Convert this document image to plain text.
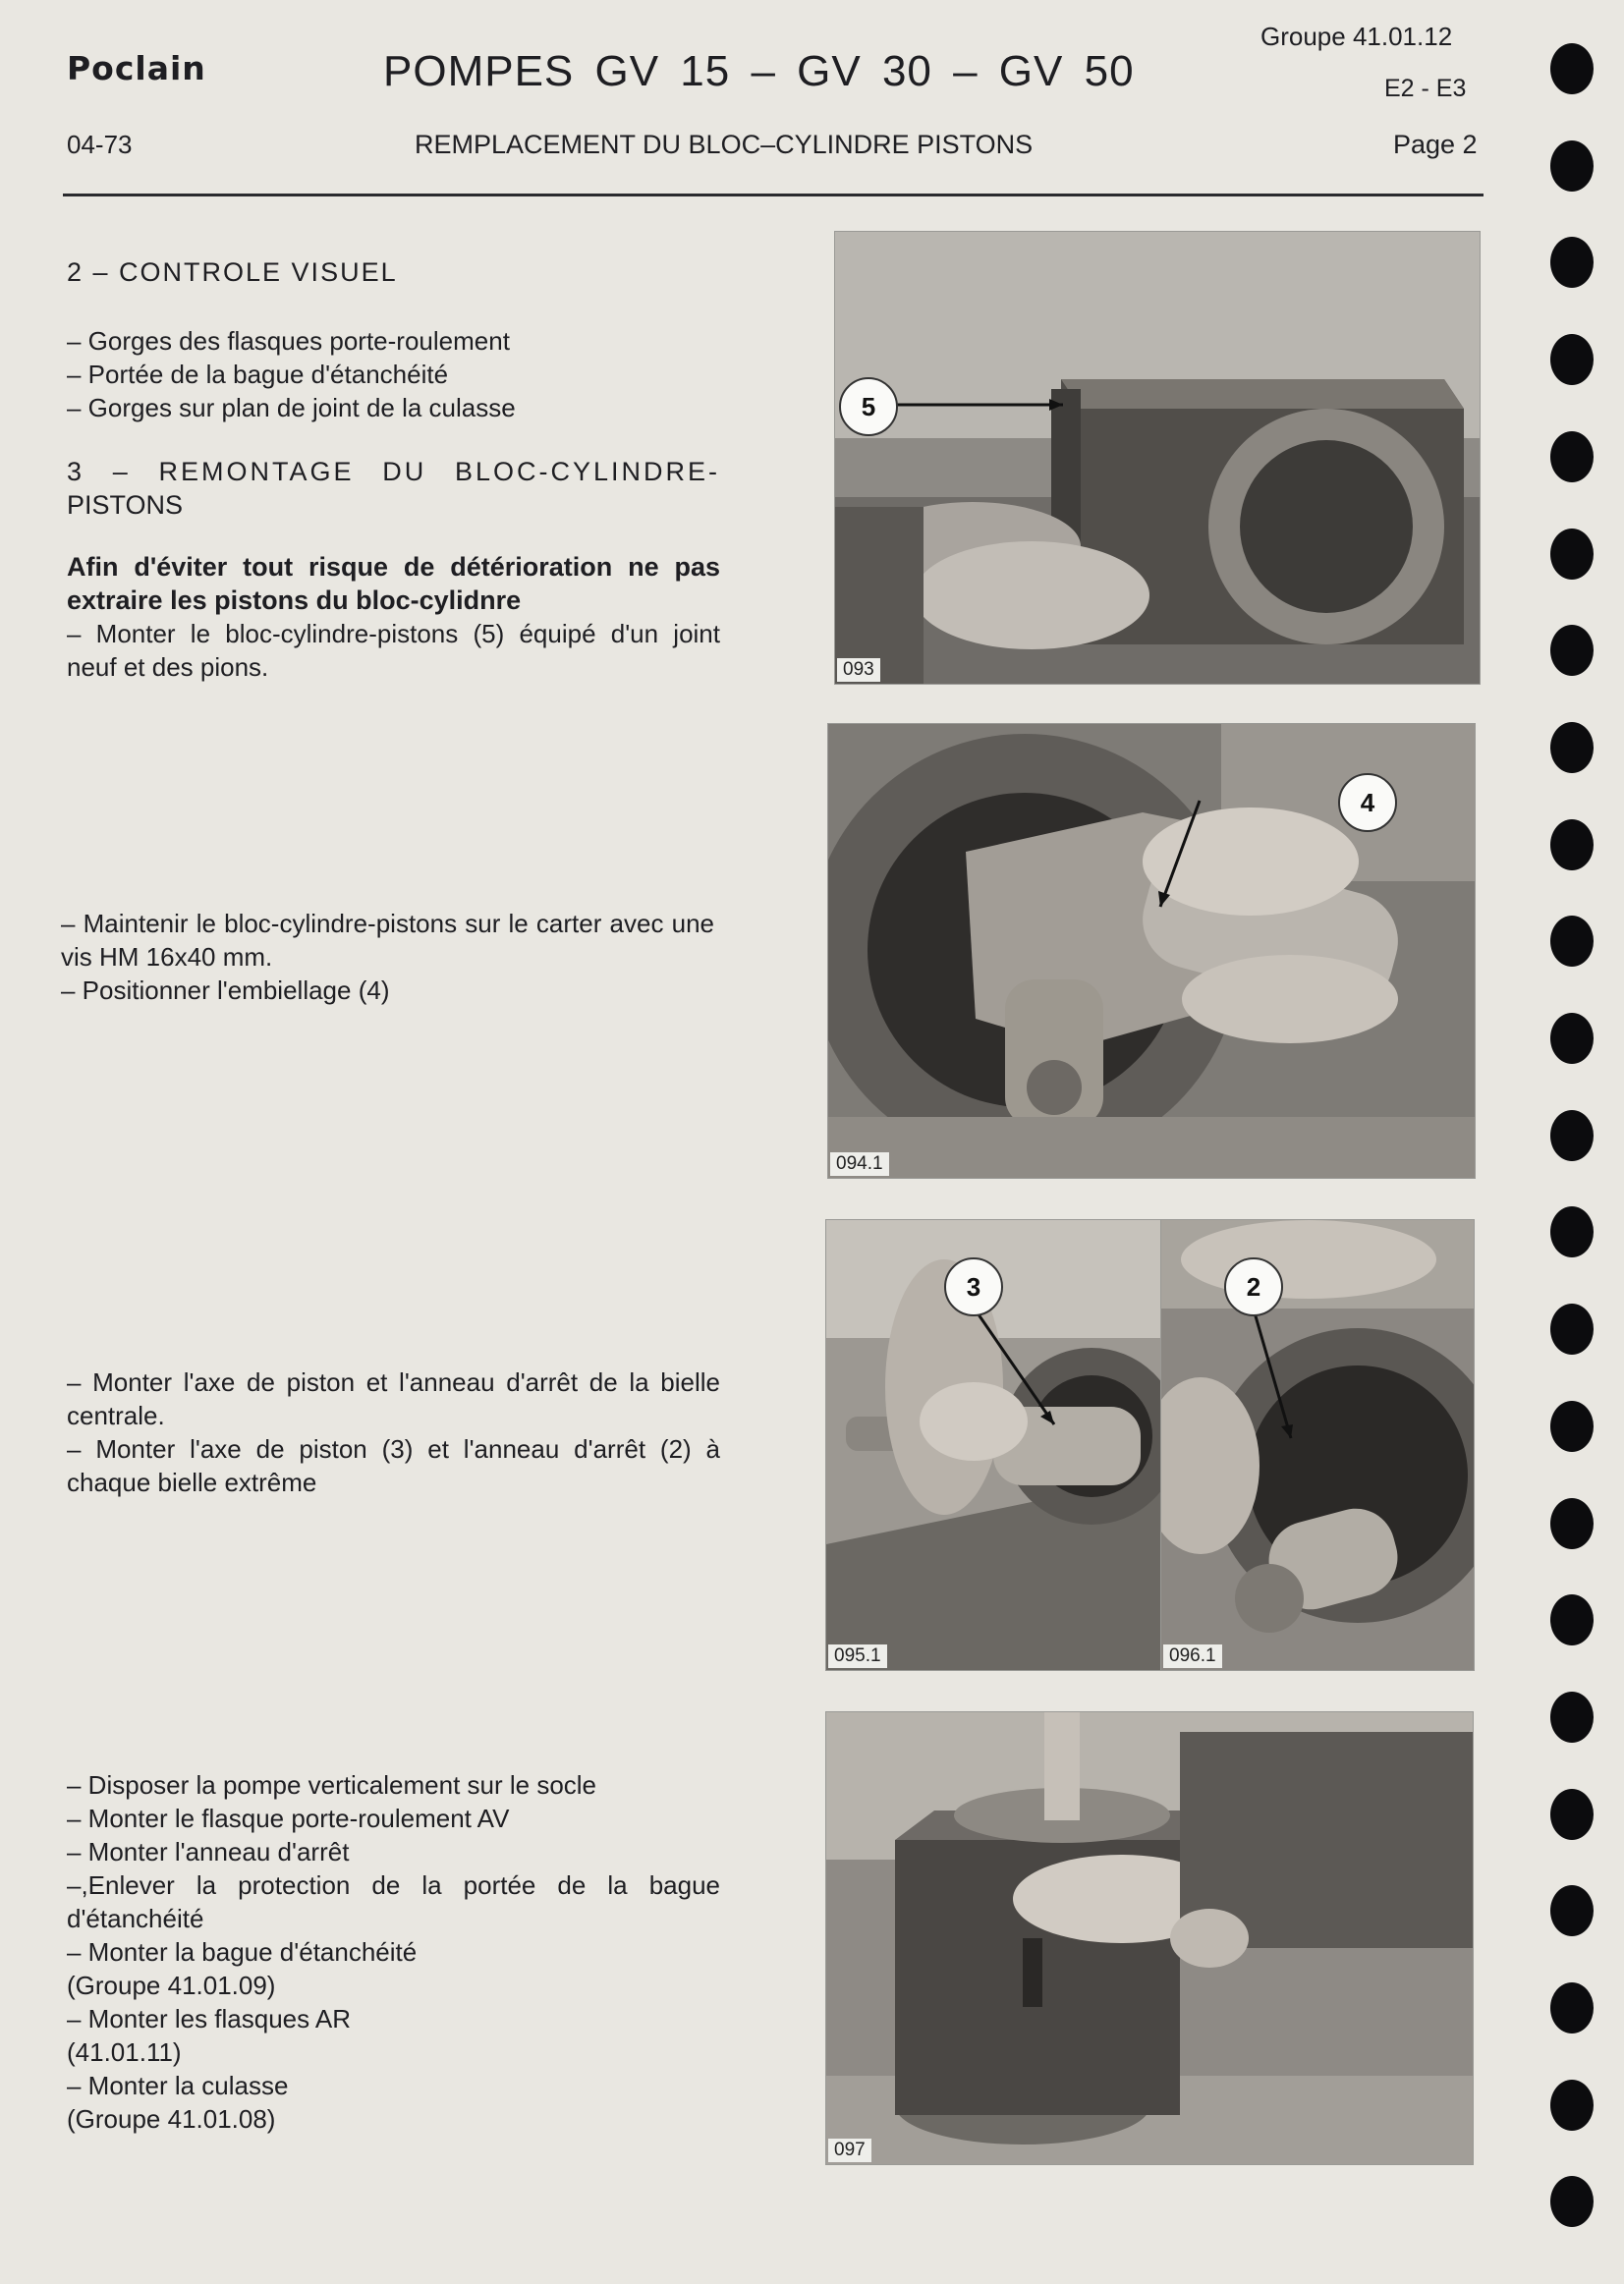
Poclain	POMPES GV 15 – GV 30 – GV 50
Groupe 41.01.12
E2 - E3
04-73	REMPLACEMENT DU BLOC–CYLINDRE PISTONS	Page 2
2 – CONTROLE VISUEL
– Gorges des flasques porte-roulement
– Portée de la bague d'étanchéité
– Gorges sur plan de joint de la culasse
3 – REMONTAGE DU BLOC-CYLINDRE-
PISTONS
Afin d'éviter tout risque de détérioration ne pas extraire les pistons du bloc-cylidnre
– Monter le bloc-cylindre-pistons (5) équipé d'un joint neuf et des pions.
– Maintenir le bloc-cylindre-pistons sur le carter avec une vis HM 16x40 mm.
– Positionner l'embiellage (4)
– Monter l'axe de piston et l'anneau d'arrêt de la bielle centrale.
– Monter l'axe de piston (3) et l'anneau d'arrêt (2) à chaque bielle extrême
– Disposer la pompe verticalement sur le socle
– Monter le flasque porte-roulement AV
– Monter l'anneau d'arrêt
–,Enlever la protection de la portée de la bague d'étanchéité
– Monter la bague d'étanchéité
(Groupe 41.01.09)
– Monter les flasques AR
(41.01.11)
– Monter la culasse
(Groupe 41.01.08)
5
093
4
094.1
3
095.1
2
096.1
097
